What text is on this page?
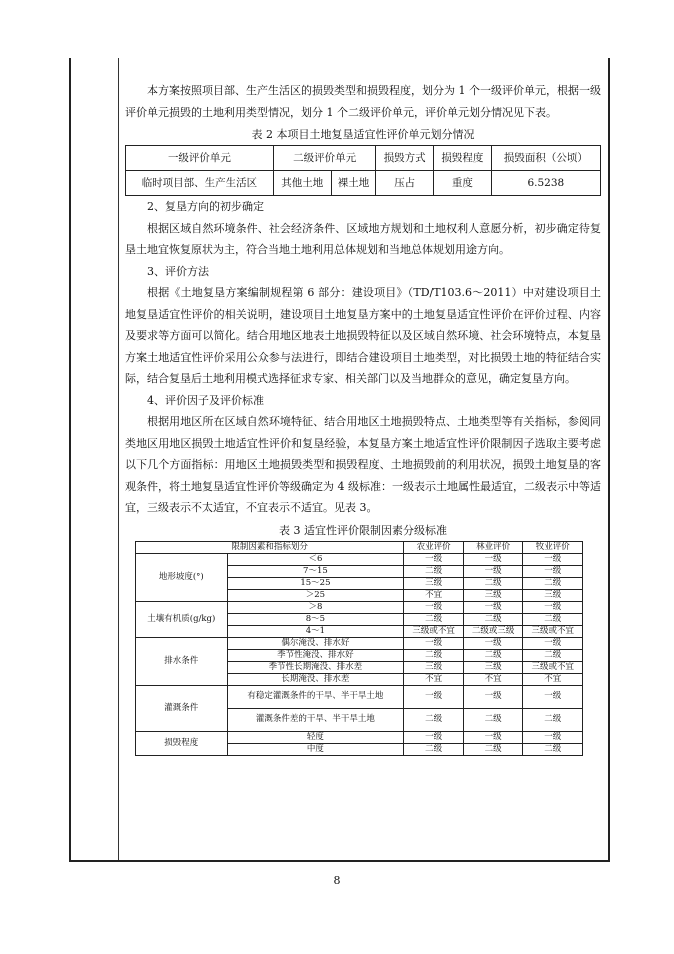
本方案按照项目部、生产生活区的损毁类型和损毁程度，划分为 1 个一级评价单元，根据一级评价单元损毁的土地利用类型情况，划分 1 个二级评价单元，评价单元划分情况见下表。

表 2 本项目土地复垦适宜性评价单元划分情况
一级评价单元	二级评价单元		损毁方式	损毁程度	损毁面积（公顷）
临时项目部、生产生活区	其他土地	裸土地	压占	重度	6.5238

2、复垦方向的初步确定

根据区域自然环境条件、社会经济条件、区域地方规划和土地权利人意愿分析，初步确定待复垦土地宜恢复原状为主，符合当地土地利用总体规划和当地总体规划用途方向。

3、评价方法

根据《土地复垦方案编制规程第 6 部分：建设项目》（TD/T103.6～2011）中对建设项目土地复垦适宜性评价的相关说明，建设项目土地复垦方案中的土地复垦适宜性评价在评价过程、内容及要求等方面可以简化。结合用地区地表土地损毁特征以及区域自然环境、社会环境特点，本复垦方案土地适宜性评价采用公众参与法进行，即结合建设项目土地类型，对比损毁土地的特征结合实际，结合复垦后土地利用模式选择征求专家、相关部门以及当地群众的意见，确定复垦方向。

4、评价因子及评价标准

根据用地区所在区域自然环境特征、结合用地区土地损毁特点、土地类型等有关指标，参阅同类地区用地区损毁土地适宜性评价和复垦经验，本复垦方案土地适宜性评价限制因子选取主要考虑以下几个方面指标：用地区土地损毁类型和损毁程度、土地损毁前的利用状况，损毁土地复垦的客观条件，将土地复垦适宜性评价等级确定为 4 级标准：一级表示土地属性最适宜，二级表示中等适宜，三级表示不太适宜，不宜表示不适宜。见表 3。

表 3 适宜性评价限制因素分级标准
限制因素和指标划分		农业评价	林业评价	牧业评价
地形坡度(°)	＜6	一级	一级	一级
	7～15	二级	一级	一级
	15～25	三级	二级	二级
	＞25	不宜	三级	三级
土壤有机质(g/kg)	＞8	一级	一级	一级
	8～5	二级	二级	二级
	4～1	三级或不宜	二级或三级	三级或不宜
排水条件	偶尔淹没、排水好	一级	一级	一级
	季节性淹没、排水好	二级	二级	二级
	季节性长期淹没、排水差	三级	三级	三级或不宜
	长期淹没、排水差	不宜	不宜	不宜
灌溉条件	有稳定灌溉条件的干旱、半干旱土地	一级	一级	一级
	灌溉条件差的干旱、半干旱土地	二级	二级	二级
损毁程度	轻度	一级	一级	一级
	中度	二级	二级	二级
8
